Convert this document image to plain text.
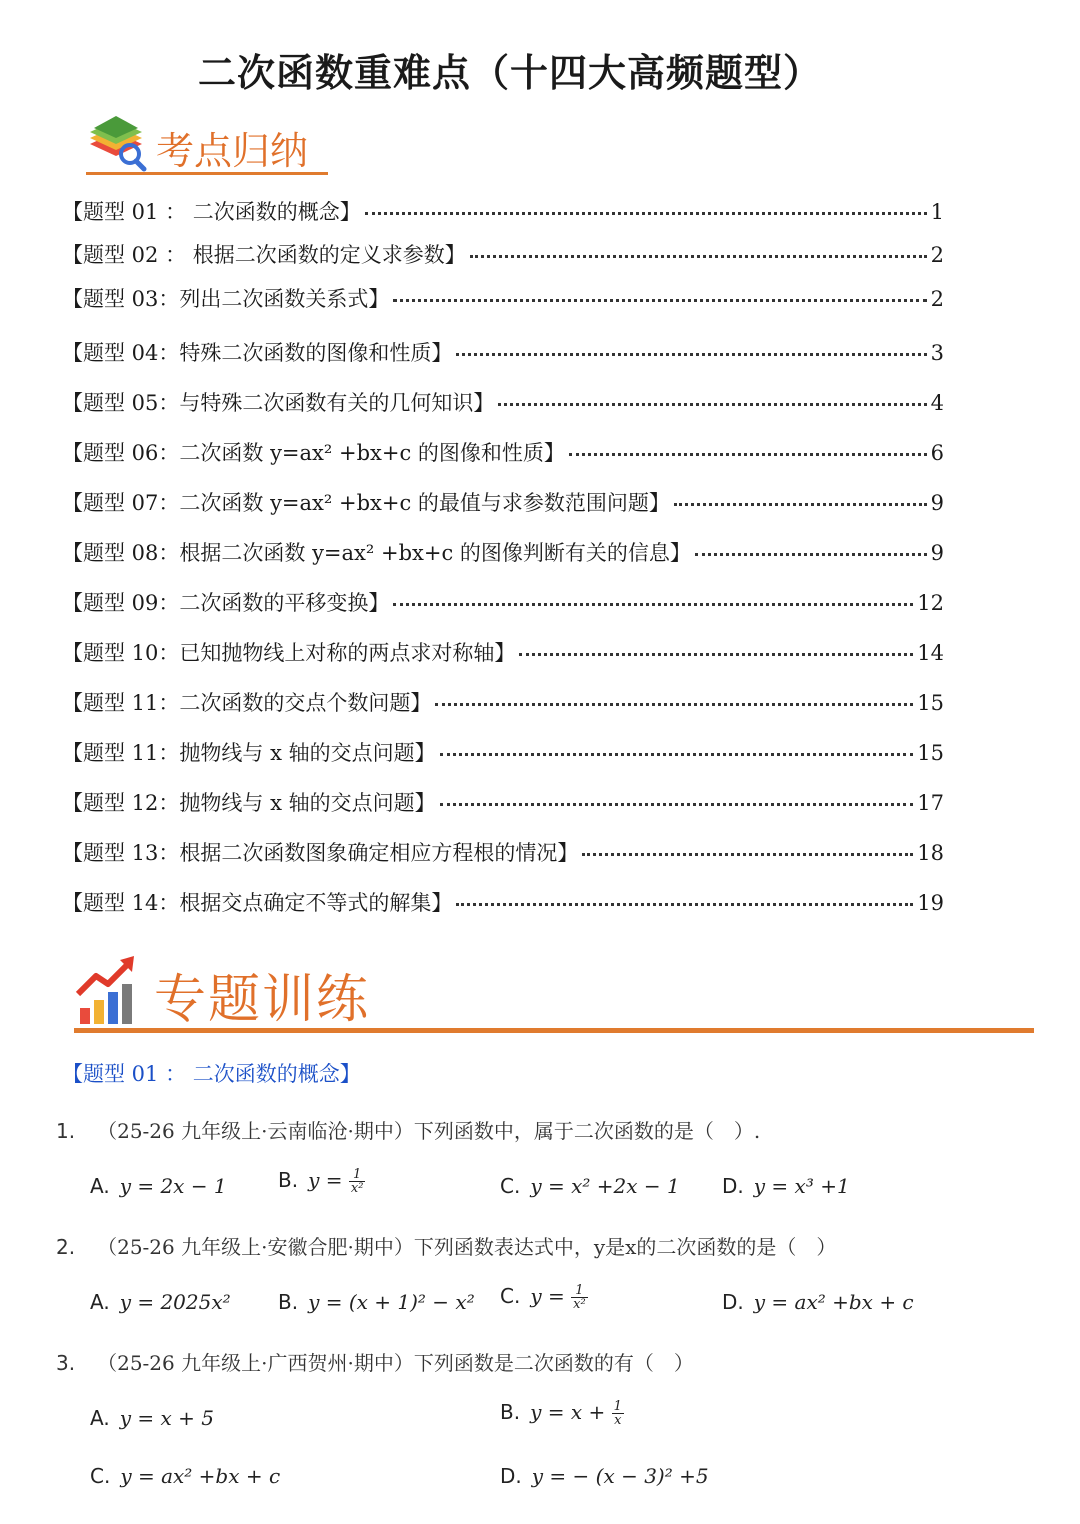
二次函数重难点（十四大高频题型）
考点归纳
【题型 01 ： 二次函数的概念】	1
【题型 02 ： 根据二次函数的定义求参数】	2
【题型 03：列出二次函数关系式】	2
【题型 04：特殊二次函数的图像和性质】	3
【题型 05：与特殊二次函数有关的几何知识】	4
【题型 06：二次函数 y=ax² +bx+c 的图像和性质】	6
【题型 07：二次函数 y=ax² +bx+c 的最值与求参数范围问题】	9
【题型 08：根据二次函数 y=ax² +bx+c 的图像判断有关的信息】	9
【题型 09：二次函数的平移变换】	12
【题型 10：已知抛物线上对称的两点求对称轴】	14
【题型 11：二次函数的交点个数问题】	15
【题型 11：抛物线与 x 轴的交点问题】	15
【题型 12：抛物线与 x 轴的交点问题】	17
【题型 13：根据二次函数图象确定相应方程根的情况】	18
【题型 14：根据交点确定不等式的解集】	19
专题训练
【题型 01 ： 二次函数的概念】
1. （25-26 九年级上·云南临沧·期中）下列函数中，属于二次函数的是（　）.
A. y = 2x − 1	B. $y = \frac{1}{\text{x²}}$	C. y = x² +2x − 1 D. y = x³ +1
2. （25-26 九年级上·安徽合肥·期中）下列函数表达式中，y是x的二次函数的是（　）
A. y = 2025x² B. y = (x + 1)² − x² C. $y = \frac{1}{\text{x²}}$	D. y = ax² +bx + c
3. （25-26 九年级上·广西贺州·期中）下列函数是二次函数的有（　）
A. y = x + 5	B. $y = x + \frac{1}{x}$
C. y = ax² +bx + c	D. y = − (x − 3)² +5
